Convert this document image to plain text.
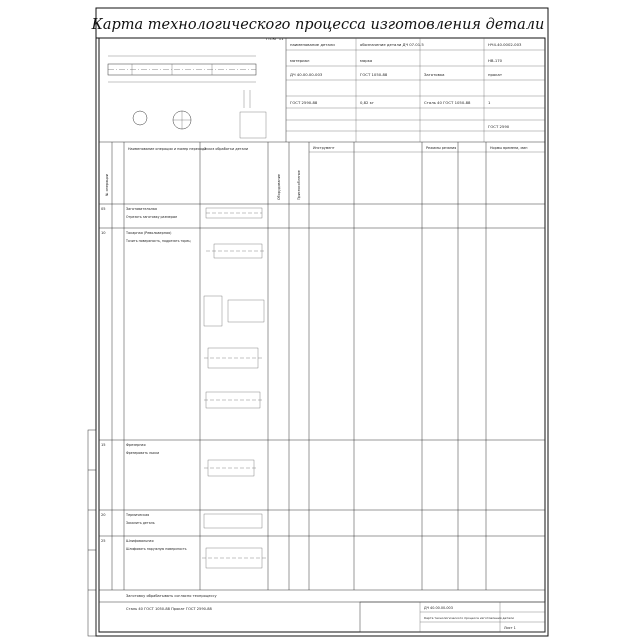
Карта технологического процесса изготовления детали
ГП-КГ 11
наименование детали	обозначение детали ДЧ 07.01.5	НЧ4.40.0002-003
материал	марка	HB-170
ДЧ 40.00.00-003	ГОСТ 1050-88	Заготовка	прокат
ГОСТ 2590-88	0,82 кг	Сталь 40 ГОСТ 1050-88	1
ГОСТ 2590
№ операции
Наименование операции и номер перехода
Эскиз обработки детали
Оборудование	Приспособление
Инструмент	Режимы резания	Нормы времени, мин
05	Заготовительная
Отрезать заготовку размером
10	Токарная (Револьверная)
Точить поверхность, подрезать торец
15	Фрезерная
Фрезеровать лыски
20	Термическая
Закалить деталь
25	Шлифовальная
Шлифовать наружную поверхность
Заготовку обрабатывать согласно техпроцессу
Сталь 40 ГОСТ 1050-88 Прокат ГОСТ 2590-88	ДЧ 40.00.00-003
Карта технологического процесса изготовления детали
Лист 1
